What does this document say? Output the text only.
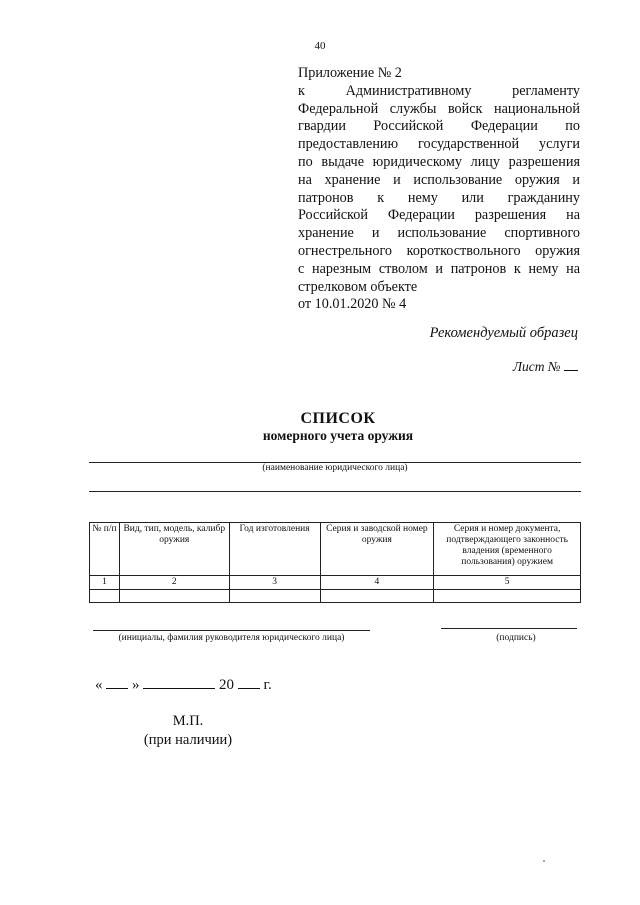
40
Приложение № 2
к Административному регламенту
Федеральной службы войск национальной
гвардии Российской Федерации по
предоставлению государственной услуги
по выдаче юридическому лицу разрешения
на хранение и использование оружия и
патронов к нему или гражданину
Российской Федерации разрешения на
хранение и использование спортивного
огнестрельного короткоствольного оружия
с нарезным стволом и патронов к нему на
стрелковом объекте
от 10.01.2020 № 4
Рекомендуемый образец
Лист №
СПИСОК
номерного учета оружия
(наименование юридического лица)
№ п/п	Вид, тип, модель, калибр оружия	Год изготовления	Серия и заводской номер оружия	Серия и номер документа, подтверждающего законность владения (временного пользования) оружием
1	2	3	4	5

(инициалы, фамилия руководителя юридического лица)	(подпись)
« »	20 г.
М.П.
(при наличии)
